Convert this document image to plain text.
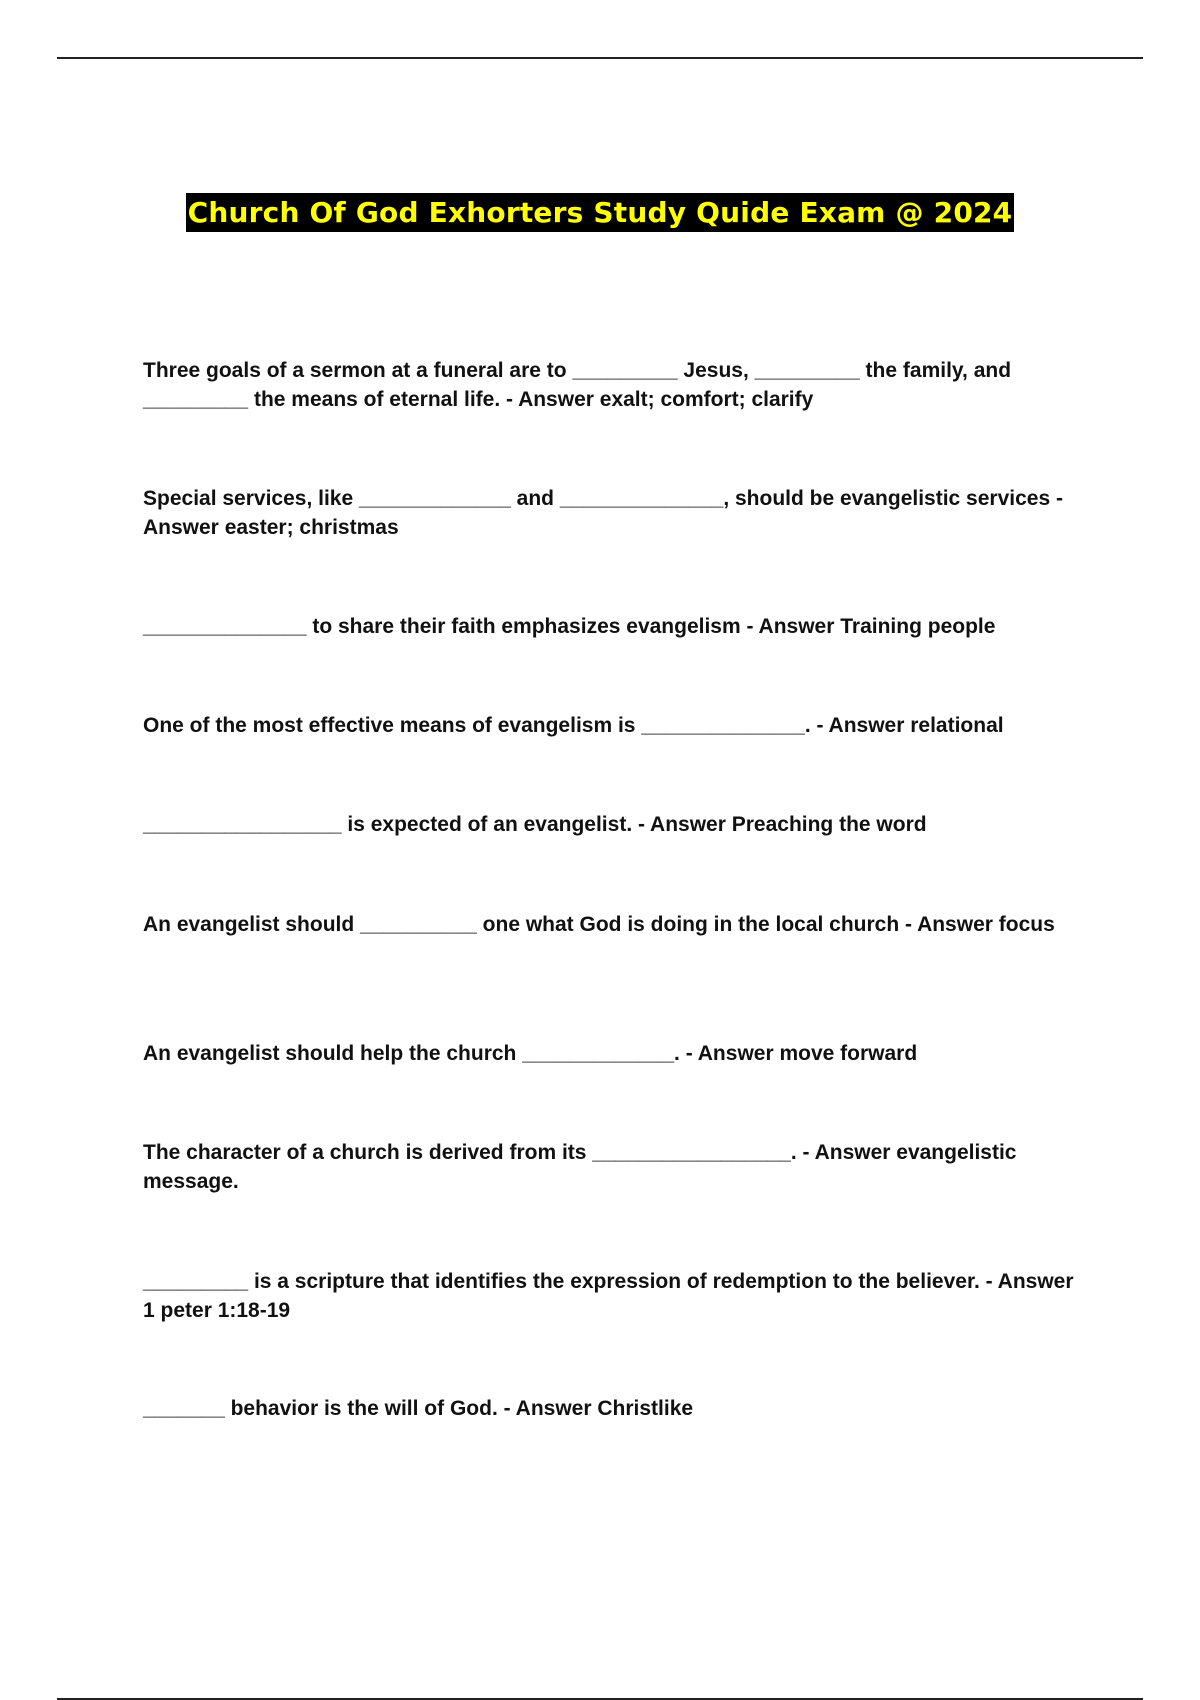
Church Of God Exhorters Study Quide Exam @ 2024

Three goals of a sermon at a funeral are to _________ Jesus, _________ the family, and _________ the means of eternal life. - Answer exalt; comfort; clarify

Special services, like _____________ and ______________, should be evangelistic services - Answer easter; christmas

______________ to share their faith emphasizes evangelism - Answer Training people

One of the most effective means of evangelism is ______________. - Answer relational

_________________ is expected of an evangelist. - Answer Preaching the word

An evangelist should __________ one what God is doing in the local church - Answer focus

An evangelist should help the church _____________. - Answer move forward

The character of a church is derived from its _________________. - Answer evangelistic message.

_________ is a scripture that identifies the expression of redemption to the believer. - Answer 1 peter 1:18-19

_______ behavior is the will of God. - Answer Christlike
